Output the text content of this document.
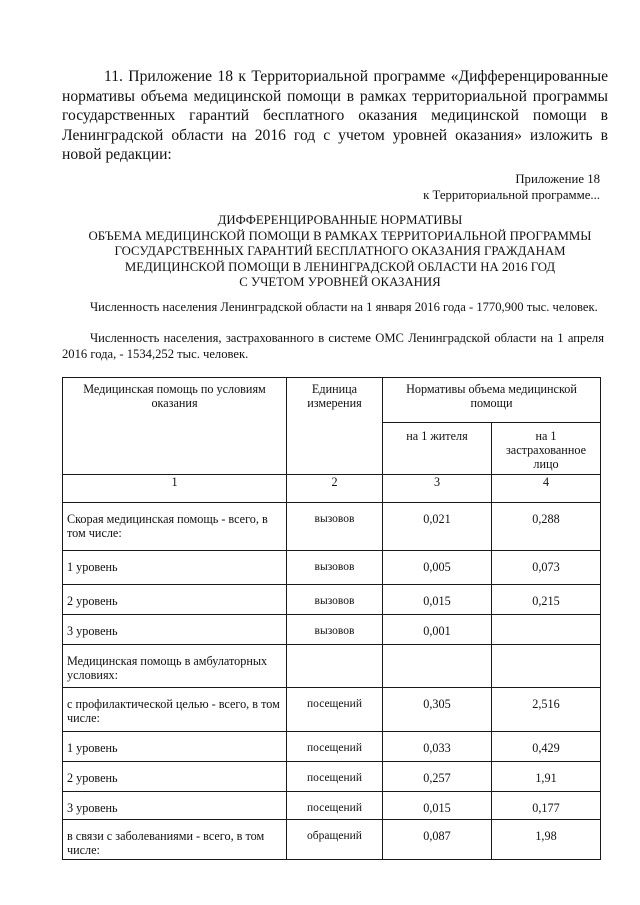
11. Приложение 18 к Территориальной программе «Дифференцированные нормативы объема медицинской помощи в рамках территориальной программы государственных гарантий бесплатного оказания медицинской помощи в Ленинградской области на 2016 год с учетом уровней оказания» изложить в новой редакции:

Приложение 18
к Территориальной программе...
ДИФФЕРЕНЦИРОВАННЫЕ НОРМАТИВЫ
ОБЪЕМА МЕДИЦИНСКОЙ ПОМОЩИ В РАМКАХ ТЕРРИТОРИАЛЬНОЙ ПРОГРАММЫ
ГОСУДАРСТВЕННЫХ ГАРАНТИЙ БЕСПЛАТНОГО ОКАЗАНИЯ ГРАЖДАНАМ
МЕДИЦИНСКОЙ ПОМОЩИ В ЛЕНИНГРАДСКОЙ ОБЛАСТИ НА 2016 ГОД
С УЧЕТОМ УРОВНЕЙ ОКАЗАНИЯ

Численность населения Ленинградской области на 1 января 2016 года - 1770,900 тыс. человек.

Численность населения, застрахованного в системе ОМС Ленинградской области на 1 апреля 2016 года, - 1534,252 тыс. человек.

Медицинская помощь по условиям оказания	Единица измерения	Нормативы объема медицинской помощи	
		на 1 жителя	на 1 застрахованное лицо
1	2	3	4
Скорая медицинская помощь - всего, в том числе:	вызовов	0,021	0,288
1 уровень	вызовов	0,005	0,073
2 уровень	вызовов	0,015	0,215
3 уровень	вызовов	0,001	
Медицинская помощь в амбулаторных условиях:			
с профилактической целью - всего, в том числе:	посещений	0,305	2,516
1 уровень	посещений	0,033	0,429
2 уровень	посещений	0,257	1,91
3 уровень	посещений	0,015	0,177
в связи с заболеваниями - всего, в том числе:	обращений	0,087	1,98
